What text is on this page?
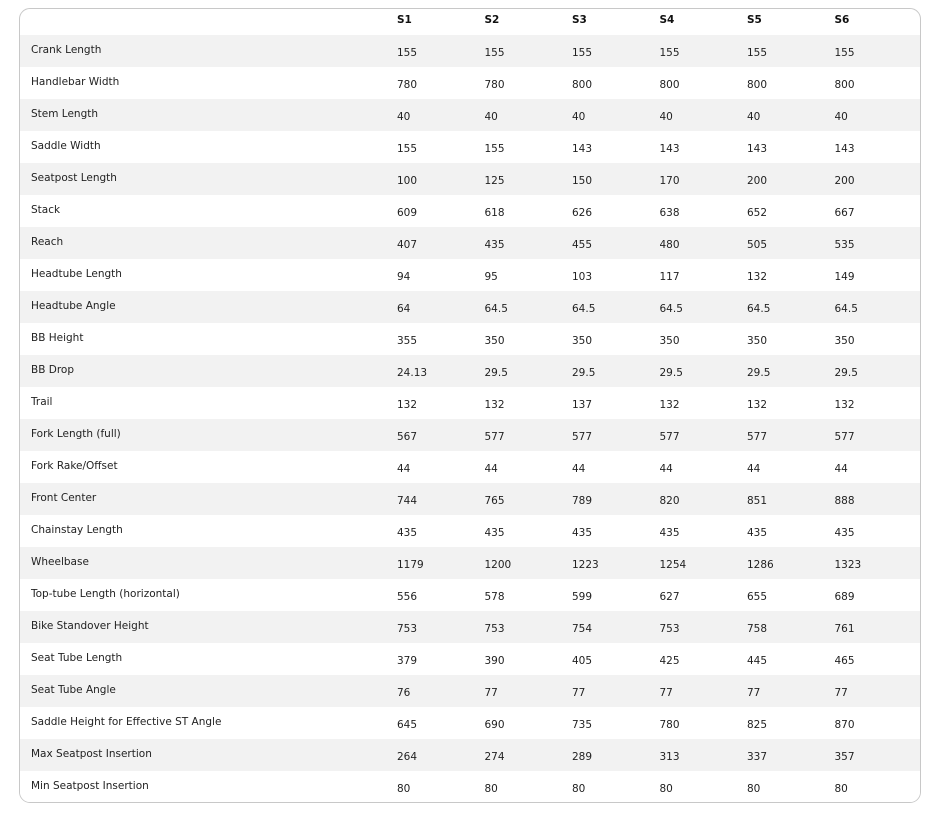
	S1	S2	S3	S4	S5	S6
Crank Length	155	155	155	155	155	155
Handlebar Width	780	780	800	800	800	800
Stem Length	40	40	40	40	40	40
Saddle Width	155	155	143	143	143	143
Seatpost Length	100	125	150	170	200	200
Stack	609	618	626	638	652	667
Reach	407	435	455	480	505	535
Headtube Length	94	95	103	117	132	149
Headtube Angle	64	64.5	64.5	64.5	64.5	64.5
BB Height	355	350	350	350	350	350
BB Drop	24.13	29.5	29.5	29.5	29.5	29.5
Trail	132	132	137	132	132	132
Fork Length (full)	567	577	577	577	577	577
Fork Rake/Offset	44	44	44	44	44	44
Front Center	744	765	789	820	851	888
Chainstay Length	435	435	435	435	435	435
Wheelbase	1179	1200	1223	1254	1286	1323
Top-tube Length (horizontal)	556	578	599	627	655	689
Bike Standover Height	753	753	754	753	758	761
Seat Tube Length	379	390	405	425	445	465
Seat Tube Angle	76	77	77	77	77	77
Saddle Height for Effective ST Angle	645	690	735	780	825	870
Max Seatpost Insertion	264	274	289	313	337	357
Min Seatpost Insertion	80	80	80	80	80	80
